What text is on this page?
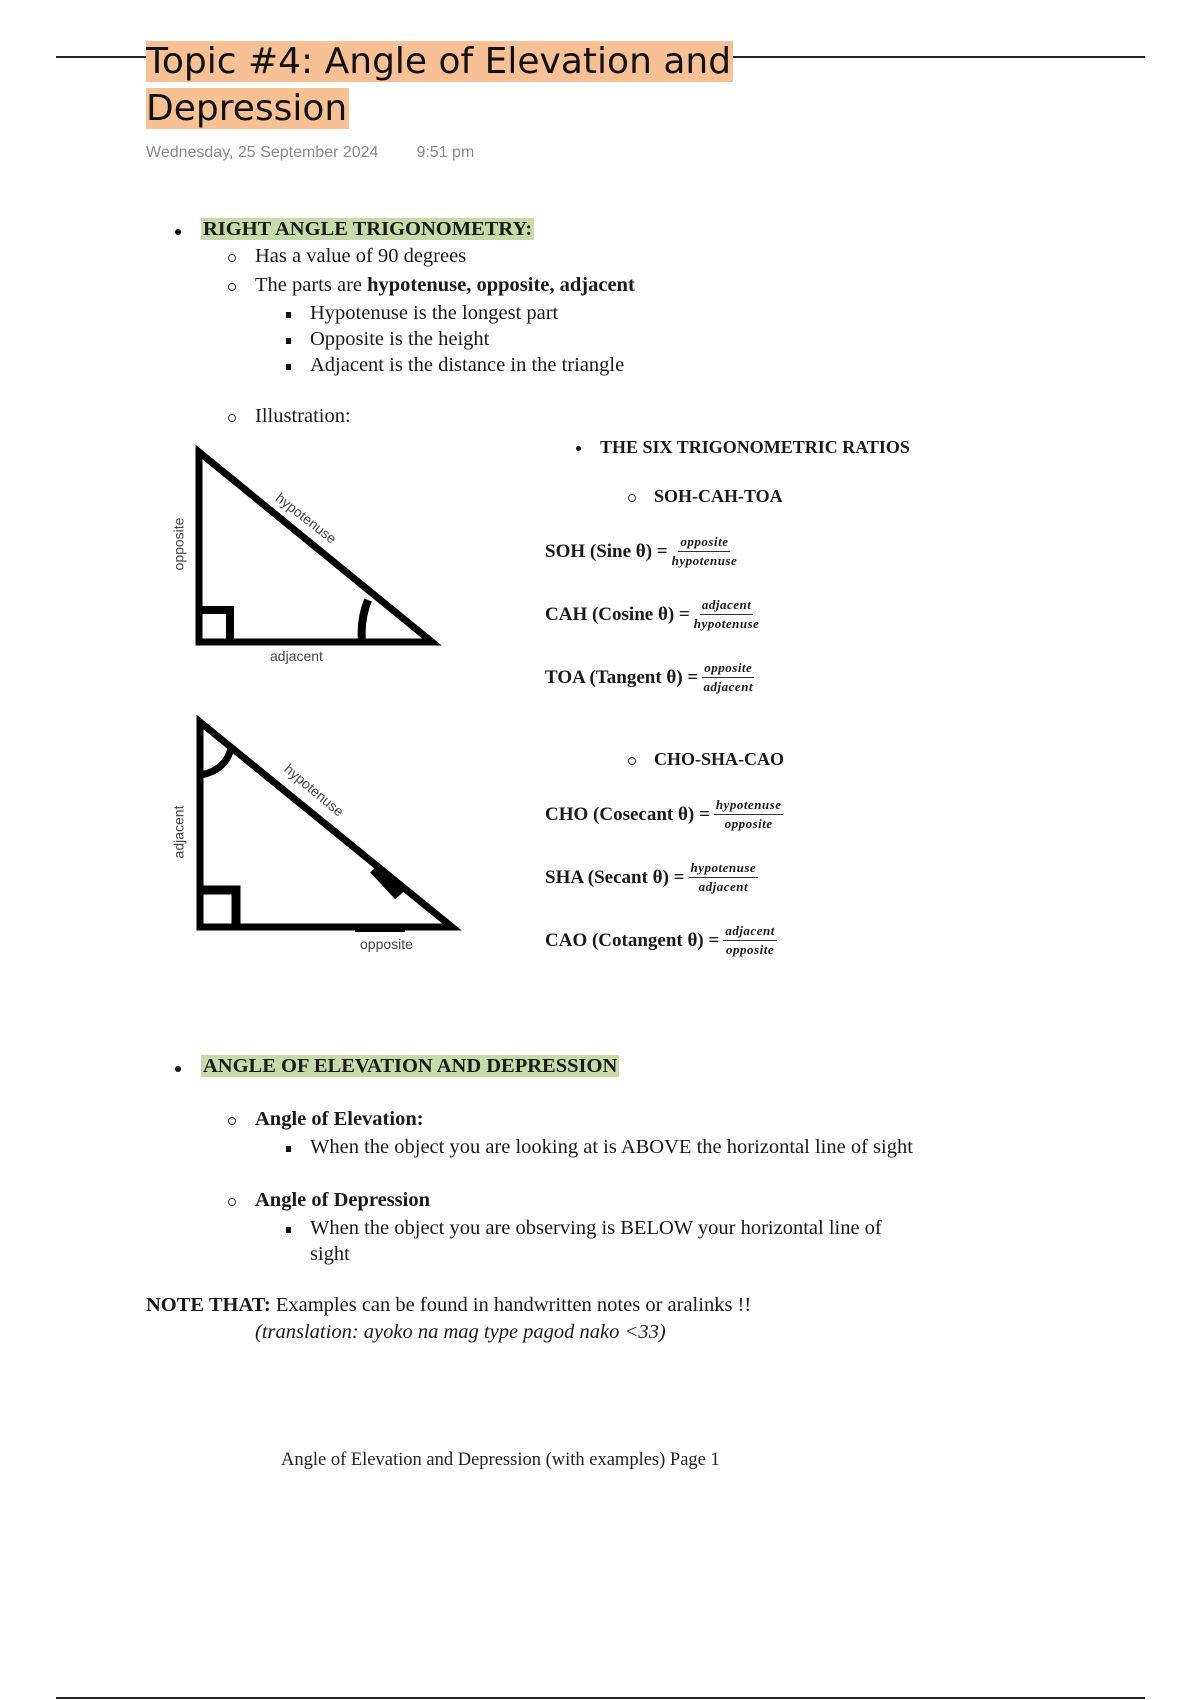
Topic #4: Angle of Elevation and
Depression
Wednesday, 25 September 2024 9:51 pm
RIGHT ANGLE TRIGONOMETRY:
Has a value of 90 degrees
The parts are hypotenuse, opposite, adjacent
Hypotenuse is the longest part
Opposite is the height
Adjacent is the distance in the triangle
Illustration:
opposite	hypotenuse
adjacent
adjacent
hypotenuse
opposite
THE SIX TRIGONOMETRIC RATIOS
SOH-CAH-TOA
CHO-SHA-CAO
SOH (Sine $\theta) = \frac{\text{opposite}}{\text{hypotenuse}}$
CAH (Cosine $\theta) = \frac{\text{adjacent}}{\text{hypotenuse}}$
TOA (Tangent $\theta) = \frac{\text{opposite}}{\text{adjacent}}$
CHO (Cosecant $\theta) = \frac{\text{hypotenuse}}{\text{opposite}}$
SHA (Secant $\theta) = \frac{\text{hypotenuse}}{\text{adjacent}}$
CAO (Cotangent $\theta) = \frac{\text{adjacent}}{\text{opposite}}$
ANGLE OF ELEVATION AND DEPRESSION
Angle of Elevation:
When the object you are looking at is ABOVE the horizontal line of sight
Angle of Depression
When the object you are observing is BELOW your horizontal line of
sight
NOTE THAT: Examples can be found in handwritten notes or aralinks !!
(translation: ayoko na mag type pagod nako <33)
Angle of Elevation and Depression (with examples) Page 1
